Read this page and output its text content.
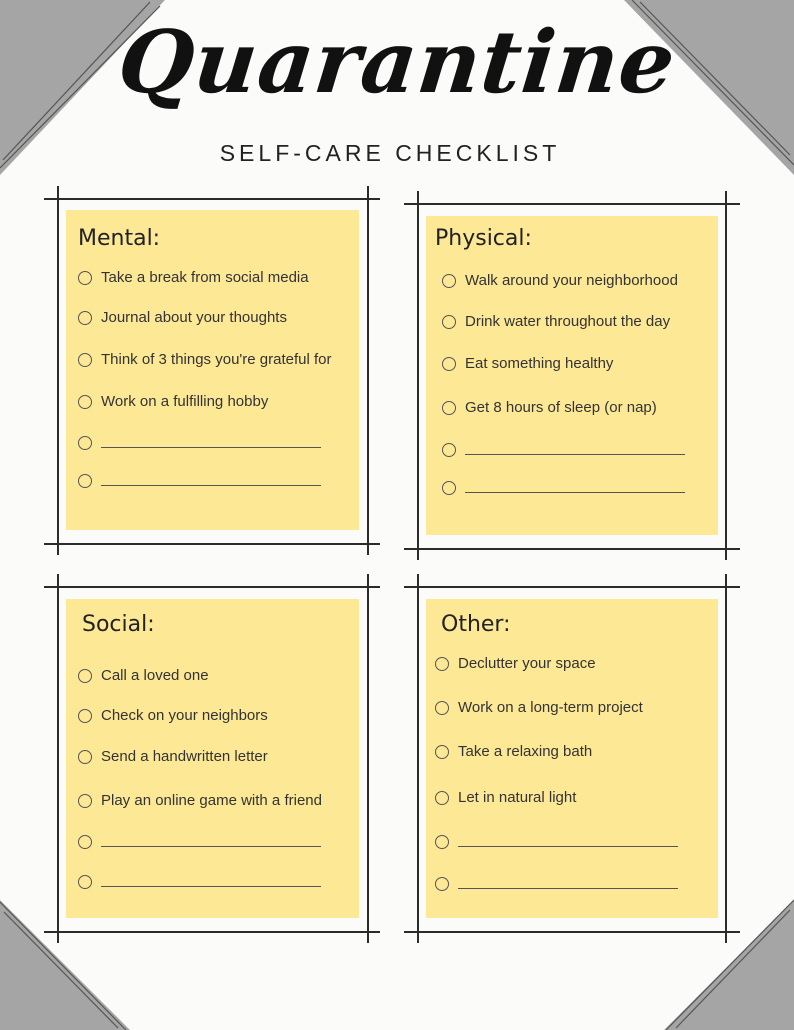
Quarantine
SELF-CARE CHECKLIST
Mental:
Take a break from social media
Journal about your thoughts
Think of 3 things you're grateful for
Work on a fulfilling hobby
Physical:
Walk around your neighborhood
Drink water throughout the day
Eat something healthy
Get 8 hours of sleep (or nap)
Social:
Call a loved one
Check on your neighbors
Send a handwritten letter
Play an online game with a friend
Other:
Declutter your space
Work on a long-term project
Take a relaxing bath
Let in natural light
